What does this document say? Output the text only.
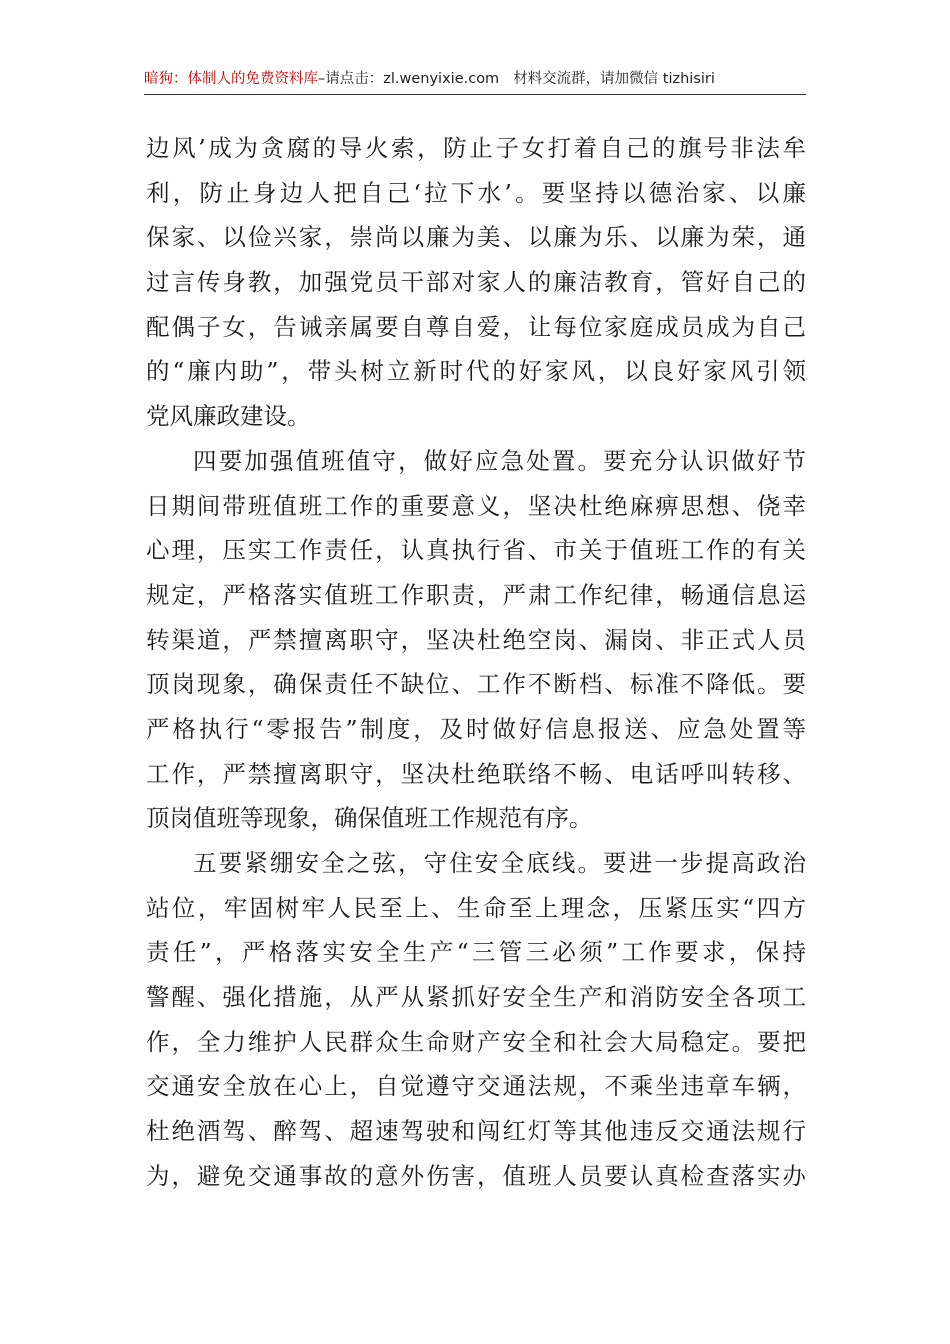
暗狗：体制人的免费资料库–请点击：zl.wenyixie.com 材料交流群，请加微信 tizhisiri
边风’成为贪腐的导火索，防止子女打着自己的旗号非法牟
利，防止身边人把自己‘拉下水’。要坚持以德治家、以廉
保家、以俭兴家，崇尚以廉为美、以廉为乐、以廉为荣，通
过言传身教，加强党员干部对家人的廉洁教育，管好自己的
配偶子女，告诫亲属要自尊自爱，让每位家庭成员成为自己
的“廉内助”，带头树立新时代的好家风，以良好家风引领
党风廉政建设。
四要加强值班值守，做好应急处置。要充分认识做好节
日期间带班值班工作的重要意义，坚决杜绝麻痹思想、侥幸
心理，压实工作责任，认真执行省、市关于值班工作的有关
规定，严格落实值班工作职责，严肃工作纪律，畅通信息运
转渠道，严禁擅离职守，坚决杜绝空岗、漏岗、非正式人员
顶岗现象，确保责任不缺位、工作不断档、标准不降低。要
严格执行“零报告”制度，及时做好信息报送、应急处置等
工作，严禁擅离职守，坚决杜绝联络不畅、电话呼叫转移、
顶岗值班等现象，确保值班工作规范有序。
五要紧绷安全之弦，守住安全底线。要进一步提高政治
站位，牢固树牢人民至上、生命至上理念，压紧压实“四方
责任”，严格落实安全生产“三管三必须”工作要求，保持
警醒、强化措施，从严从紧抓好安全生产和消防安全各项工
作，全力维护人民群众生命财产安全和社会大局稳定。要把
交通安全放在心上，自觉遵守交通法规，不乘坐违章车辆，
杜绝酒驾、醉驾、超速驾驶和闯红灯等其他违反交通法规行
为，避免交通事故的意外伤害，值班人员要认真检查落实办
